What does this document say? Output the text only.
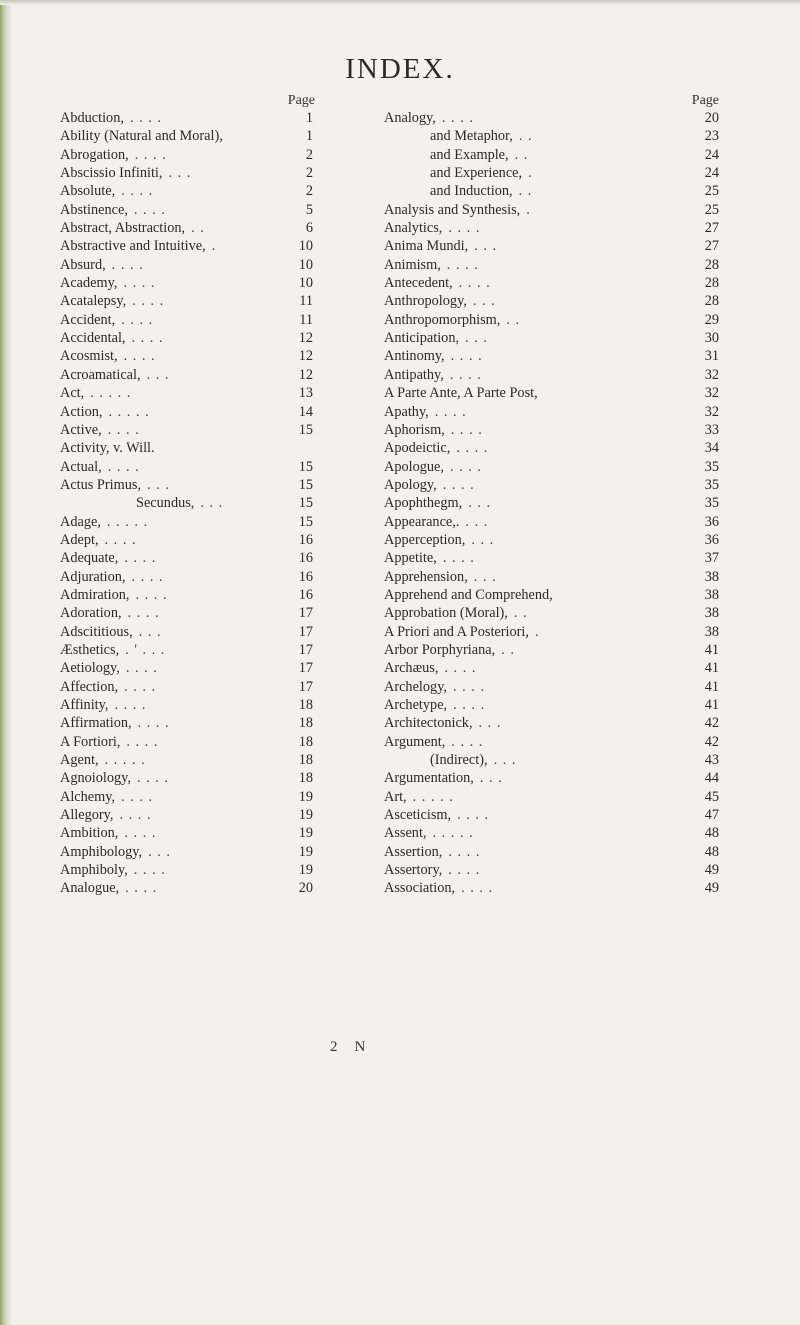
INDEX.
Page
Abduction, . . . .	1
Ability (Natural and Moral),	1
Abrogation, . . . .	2
Abscissio Infiniti, . . .	2
Absolute, . . . .	2
Abstinence, . . . .	5
Abstract, Abstraction, . .	6
Abstractive and Intuitive, .	10
Absurd, . . . .	10
Academy, . . . .	10
Acatalepsy, . . . .	11
Accident, . . . .	11
Accidental, . . . .	12
Acosmist, . . . .	12
Acroamatical, . . .	12
Act, . . . . .	13
Action, . . . . .	14
Active, . . . .	15
Activity, v. Will.
Actual, . . . .	15
Actus Primus, . . .	15
Secundus, . . .	15
Adage, . . . . .	15
Adept, . . . .	16
Adequate, . . . .	16
Adjuration, . . . .	16
Admiration, . . . .	16
Adoration, . . . .	17
Adscititious, . . .	17
Æsthetics, . ' . . .	17
Aetiology, . . . .	17
Affection, . . . .	17
Affinity, . . . .	18
Affirmation, . . . .	18
A Fortiori, . . . .	18
Agent, . . . . .	18
Agnoiology, . . . .	18
Alchemy, . . . .	19
Allegory, . . . .	19
Ambition, . . . .	19
Amphibology, . . .	19
Amphiboly, . . . .	19
Analogue, . . . .	20
Page
Analogy, . . . .	20
and Metaphor, . .	23
and Example, . .	24
and Experience, .	24
and Induction, . .	25
Analysis and Synthesis, .	25
Analytics, . . . .	27
Anima Mundi, . . .	27
Animism, . . . .	28
Antecedent, . . . .	28
Anthropology, . . .	28
Anthropomorphism, . .	29
Anticipation, . . .	30
Antinomy, . . . .	31
Antipathy, . . . .	32
A Parte Ante, A Parte Post,	32
Apathy, . . . .	32
Aphorism, . . . .	33
Apodeictic, . . . .	34
Apologue, . . . .	35
Apology, . . . .	35
Apophthegm, . . .	35
Appearance,. . . .	36
Apperception, . . .	36
Appetite, . . . .	37
Apprehension, . . .	38
Apprehend and Comprehend,	38
Approbation (Moral), . .	38
A Priori and A Posteriori, .	38
Arbor Porphyriana, . .	41
Archæus, . . . .	41
Archelogy, . . . .	41
Archetype, . . . .	41
Architectonick, . . .	42
Argument, . . . .	42
(Indirect), . . .	43
Argumentation, . . .	44
Art, . . . . .	45
Asceticism, . . . .	47
Assent, . . . . .	48
Assertion, . . . .	48
Assertory, . . . .	49
Association, . . . .	49
2 N
